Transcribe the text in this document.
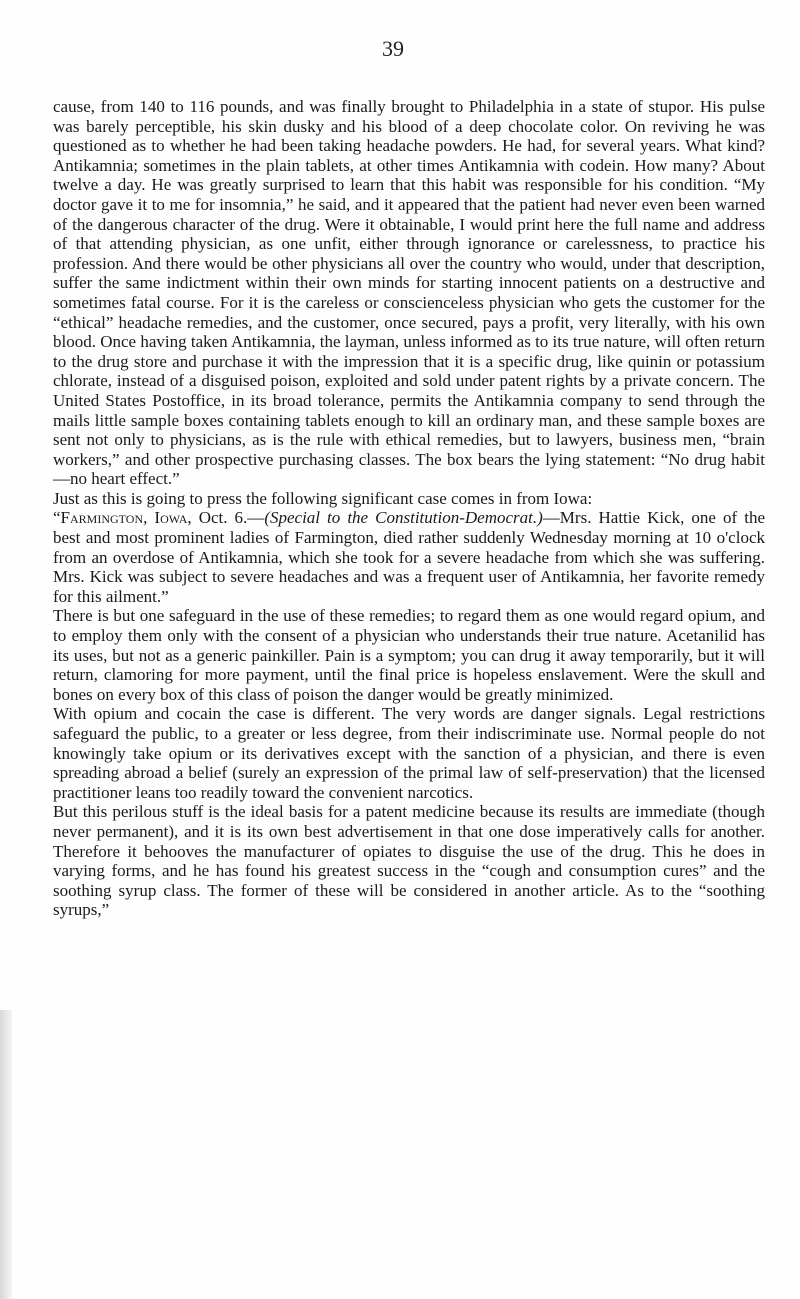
39

cause, from 140 to 116 pounds, and was finally brought to Philadelphia in a state of stupor. His pulse was barely perceptible, his skin dusky and his blood of a deep chocolate color. On reviving he was questioned as to whether he had been taking headache powders. He had, for several years. What kind? Antikamnia; sometimes in the plain tablets, at other times Antikamnia with codein. How many? About twelve a day. He was greatly surprised to learn that this habit was responsible for his condition. “My doctor gave it to me for insomnia,” he said, and it appeared that the patient had never even been warned of the dangerous character of the drug. Were it obtainable, I would print here the full name and address of that attending physician, as one unfit, either through ignorance or carelessness, to practice his profession. And there would be other physicians all over the country who would, under that description, suffer the same indictment within their own minds for starting innocent patients on a destructive and sometimes fatal course. For it is the careless or conscienceless physician who gets the customer for the “ethical” headache remedies, and the customer, once secured, pays a profit, very literally, with his own blood. Once having taken Antikamnia, the layman, unless informed as to its true nature, will often return to the drug store and purchase it with the impression that it is a specific drug, like quinin or potassium chlorate, instead of a disguised poison, exploited and sold under patent rights by a private concern. The United States Postoffice, in its broad tolerance, permits the Antikamnia company to send through the mails little sample boxes containing tablets enough to kill an ordinary man, and these sample boxes are sent not only to physicians, as is the rule with ethical remedies, but to lawyers, business men, “brain workers,” and other prospective purchasing classes. The box bears the lying statement: “No drug habit—no heart effect.”

Just as this is going to press the following significant case comes in from Iowa:

“Farmington, Iowa, Oct. 6.—(Special to the Constitution-Democrat.)—Mrs. Hattie Kick, one of the best and most prominent ladies of Farmington, died rather suddenly Wednesday morning at 10 o'clock from an overdose of Antikamnia, which she took for a severe headache from which she was suffering. Mrs. Kick was subject to severe headaches and was a frequent user of Antikamnia, her favorite remedy for this ailment.”

There is but one safeguard in the use of these remedies; to regard them as one would regard opium, and to employ them only with the consent of a physician who understands their true nature. Acetanilid has its uses, but not as a generic painkiller. Pain is a symptom; you can drug it away temporarily, but it will return, clamoring for more payment, until the final price is hopeless enslavement. Were the skull and bones on every box of this class of poison the danger would be greatly minimized.

With opium and cocain the case is different. The very words are danger signals. Legal restrictions safeguard the public, to a greater or less degree, from their indiscriminate use. Normal people do not knowingly take opium or its derivatives except with the sanction of a physician, and there is even spreading abroad a belief (surely an expression of the primal law of self-preservation) that the licensed practitioner leans too readily toward the convenient narcotics.

But this perilous stuff is the ideal basis for a patent medicine because its results are immediate (though never permanent), and it is its own best advertisement in that one dose imperatively calls for another. Therefore it behooves the manufacturer of opiates to disguise the use of the drug. This he does in varying forms, and he has found his greatest success in the “cough and consumption cures” and the soothing syrup class. The former of these will be considered in another article. As to the “soothing syrups,”
